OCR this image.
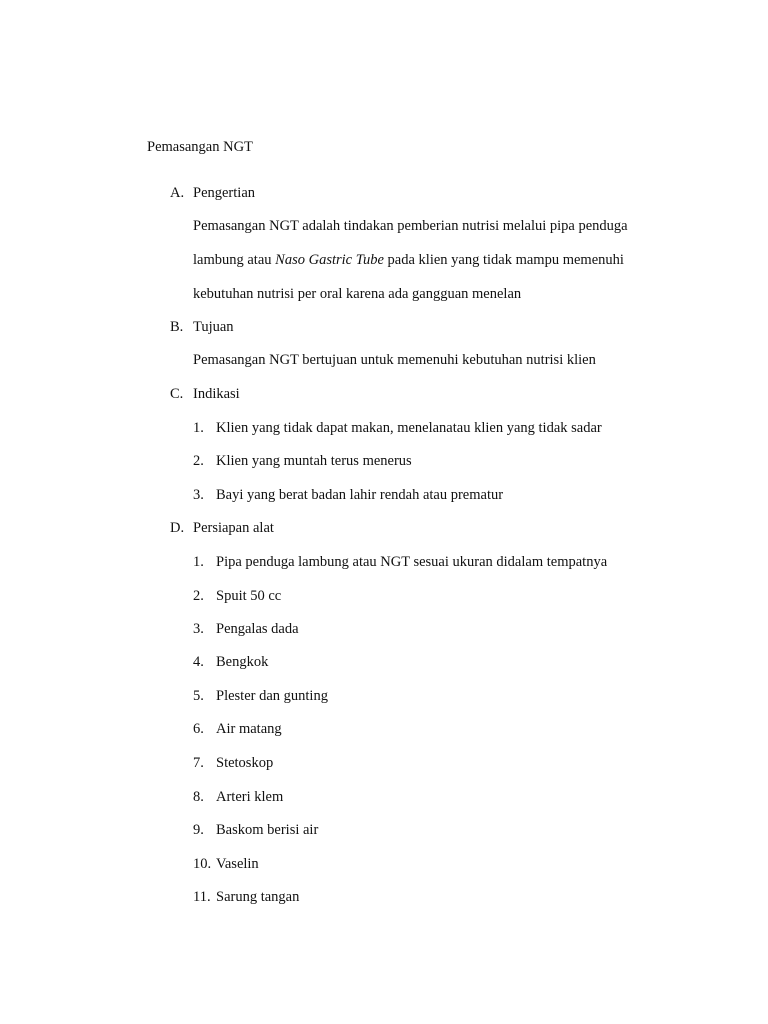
Pemasangan NGT
A. Pengertian
Pemasangan NGT adalah tindakan pemberian nutrisi melalui pipa penduga
lambung atau Naso Gastric Tube pada klien yang tidak mampu memenuhi
kebutuhan nutrisi per oral karena ada gangguan menelan
B. Tujuan
Pemasangan NGT bertujuan untuk memenuhi kebutuhan nutrisi klien
C. Indikasi
1. Klien yang tidak dapat makan, menelanatau klien yang tidak sadar
2. Klien yang muntah terus menerus
3. Bayi yang berat badan lahir rendah atau prematur
D. Persiapan alat
1. Pipa penduga lambung atau NGT sesuai ukuran didalam tempatnya
2. Spuit 50 cc
3. Pengalas dada
4. Bengkok
5. Plester dan gunting
6. Air matang
7. Stetoskop
8. Arteri klem
9. Baskom berisi air
10. Vaselin
11. Sarung tangan
